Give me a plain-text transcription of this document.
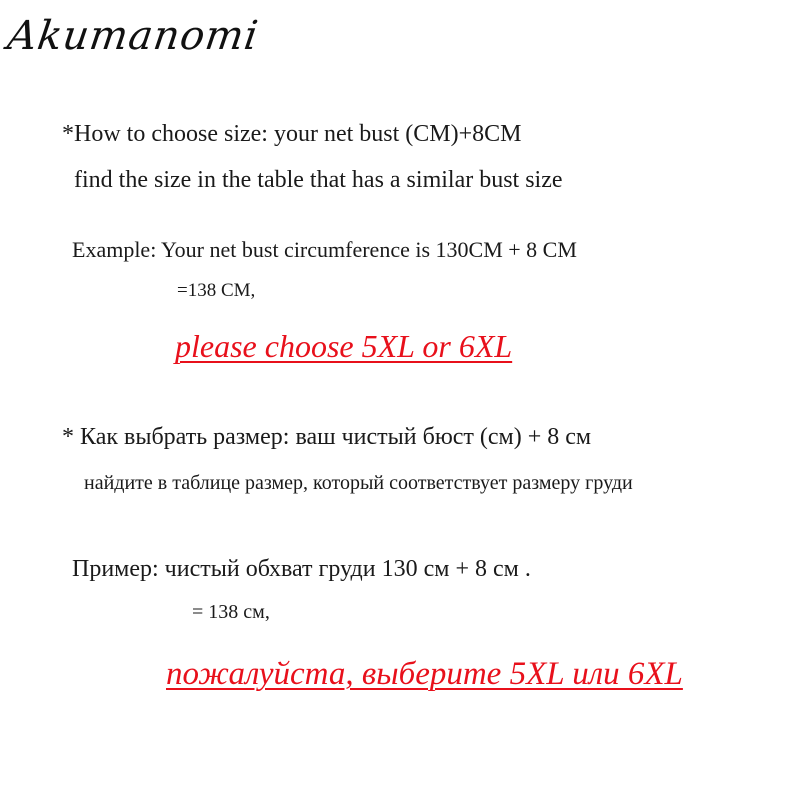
Akumanomi
*How to choose size: your net bust (CM)+8CM
find the size in the table that has a similar bust size
Example: Your net bust circumference is 130CM + 8 CM
=138 CM,
please choose 5XL or 6XL
* Как выбрать размер: ваш чистый бюст (см) + 8 см
найдите в таблице размер, который соответствует размеру груди
Пример: чистый обхват груди 130 см + 8 см .
= 138 см,
пожалуйста, выберите 5XL или 6XL
